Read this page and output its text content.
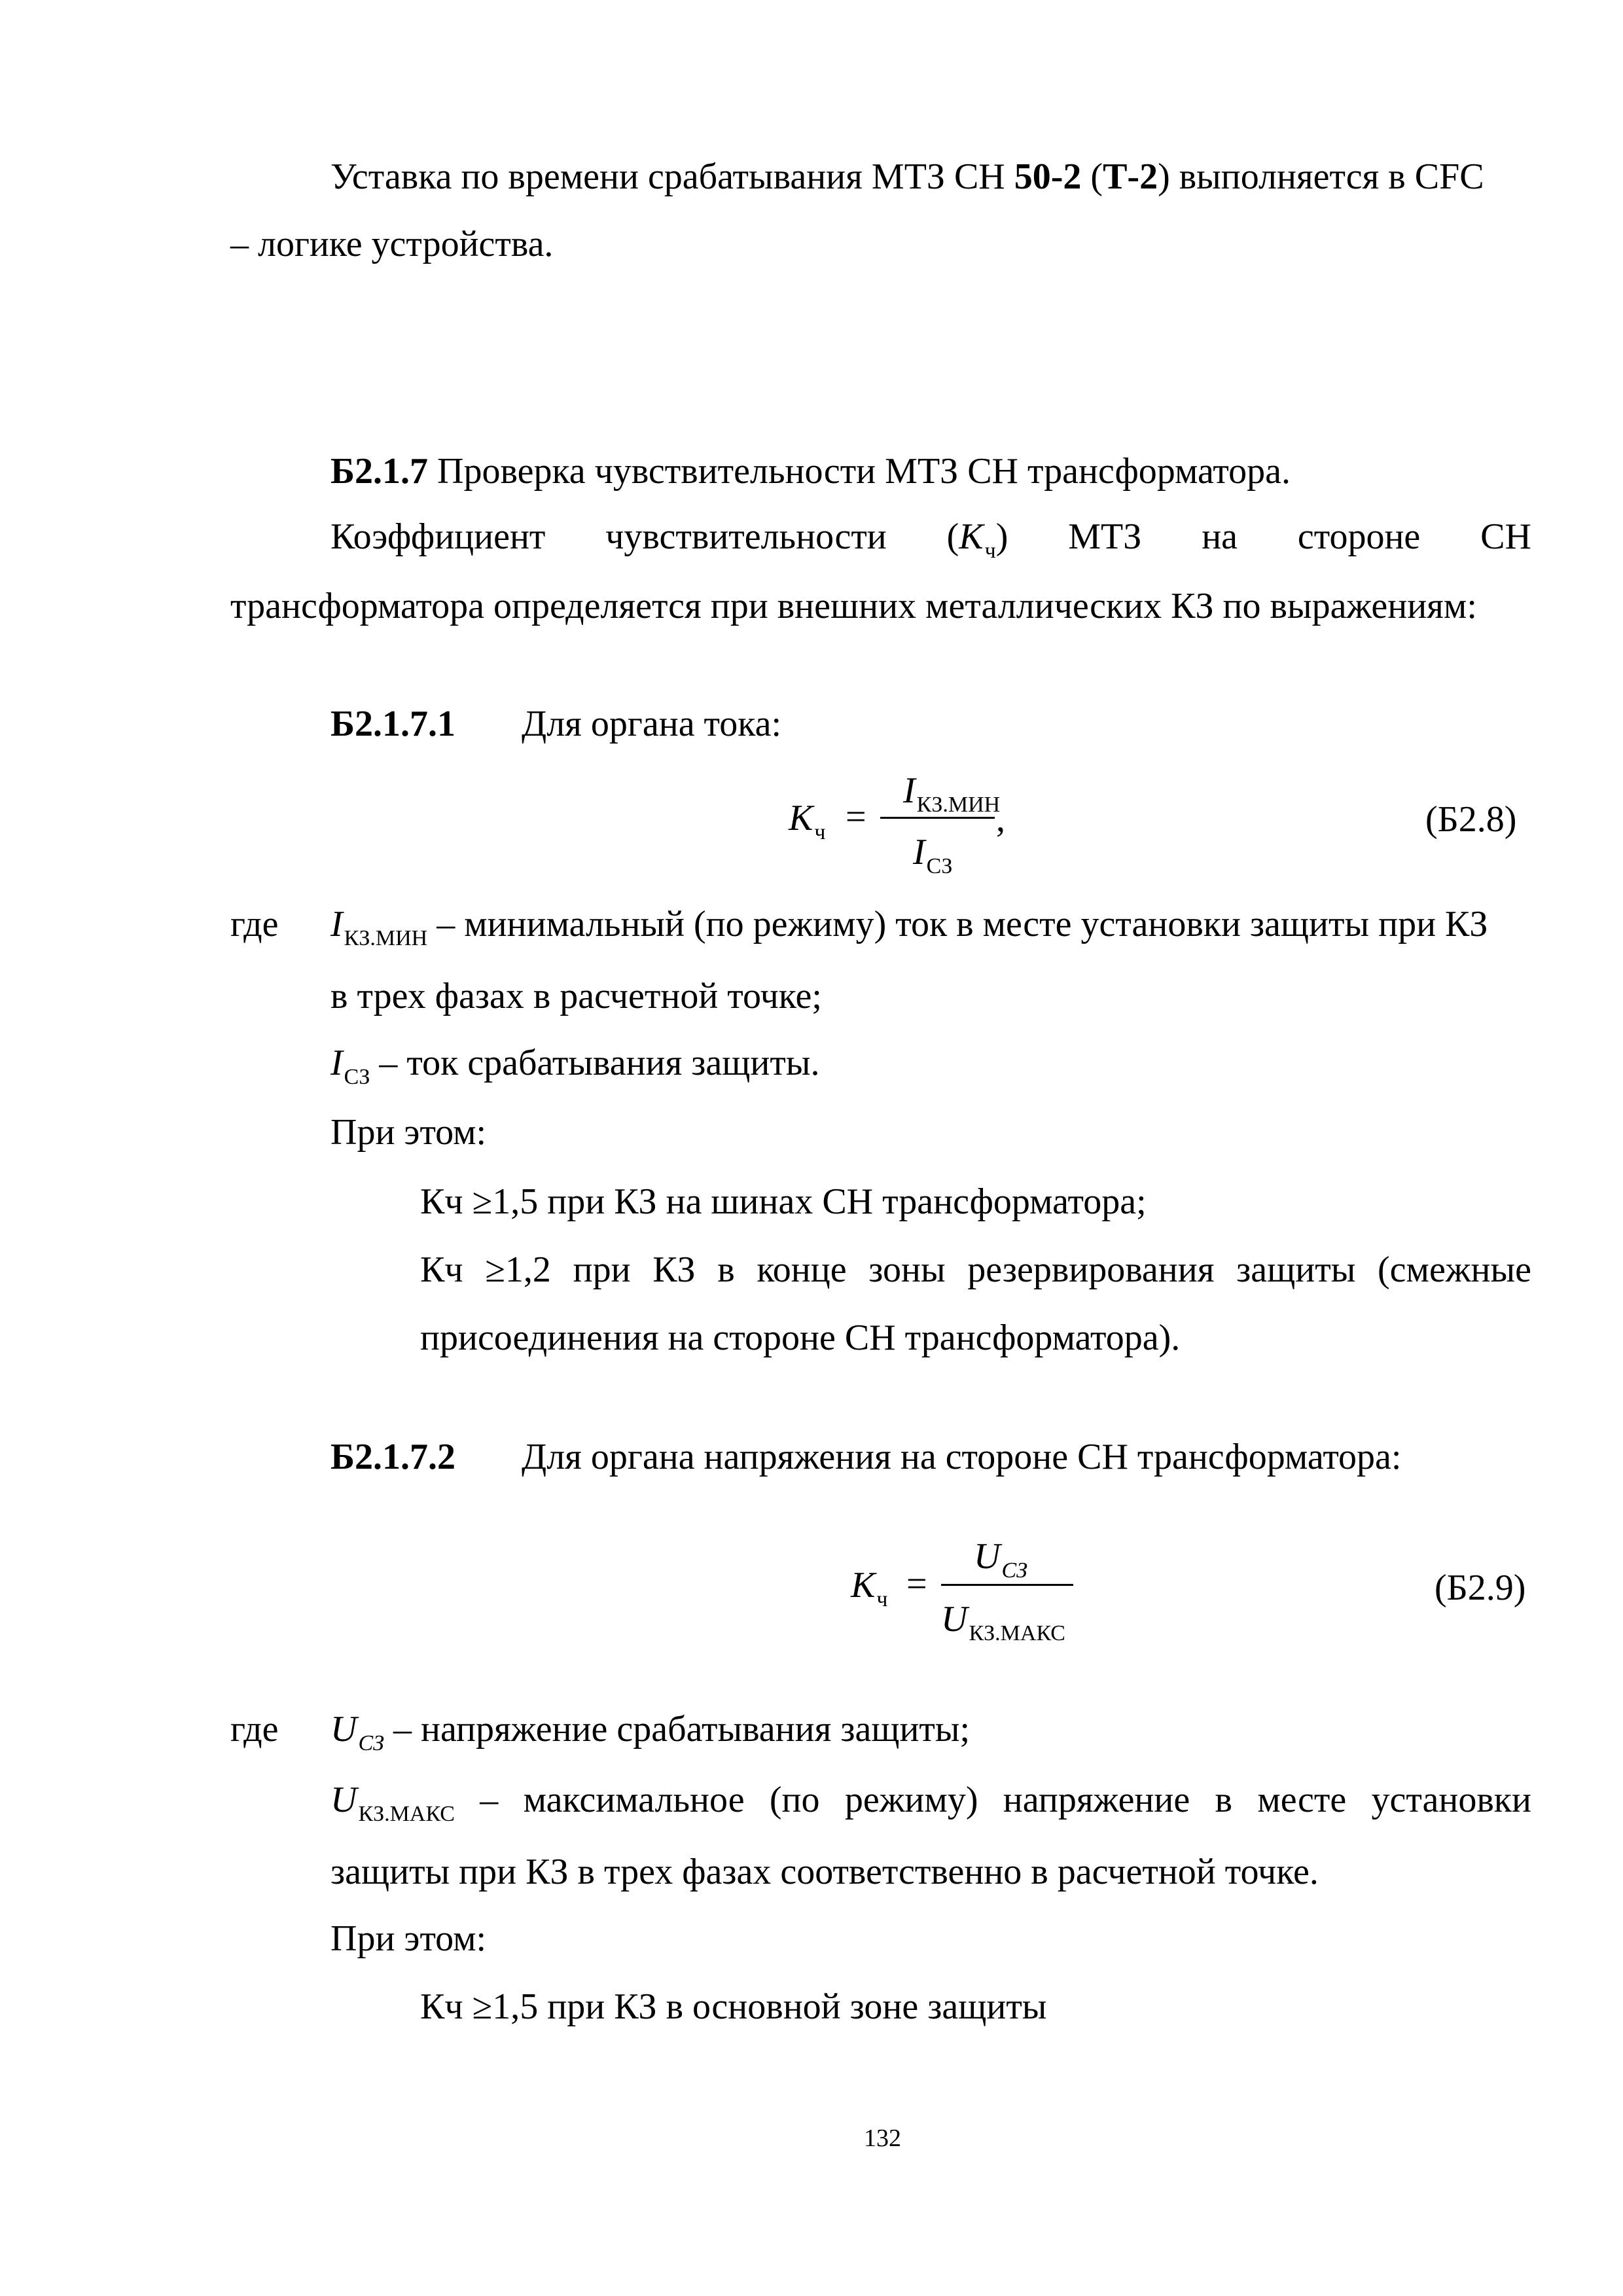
Уставка по времени срабатывания МТЗ СН 50-2 (Т-2) выполняется в CFC
– логике устройства.
Б2.1.7 Проверка чувствительности МТЗ СН трансформатора.
Коэффициент чувствительности $(K_ч)$ МТЗ на стороне СН
трансформатора определяется при внешних металлических КЗ по выражениям:
Б2.1.7.1 Для органа тока:
$K_ч$ =
$I_{КЗ.МИН}$
$I_{СЗ}$
,	(Б2.8)
где $I_{КЗ.МИН}$ – минимальный (по режиму) ток в месте установки защиты при КЗ
в трех фазах в расчетной точке;
$I_{СЗ}$ – ток срабатывания защиты.
При этом:
Кч ≥1,5 при КЗ на шинах СН трансформатора;
Кч ≥1,2 при КЗ в конце зоны резервирования защиты (смежные
присоединения на стороне СН трансформатора).
Б2.1.7.2 Для органа напряжения на стороне СН трансформатора:
$K_ч$ =
$U_{СЗ}$
$U_{КЗ.МАКС}$
(Б2.9)
где $U_{СЗ}$ – напряжение срабатывания защиты;
$U_{КЗ.МАКС}$ – максимальное (по режиму) напряжение в месте установки
защиты при КЗ в трех фазах соответственно в расчетной точке.
При этом:
Кч ≥1,5 при КЗ в основной зоне защиты
132
